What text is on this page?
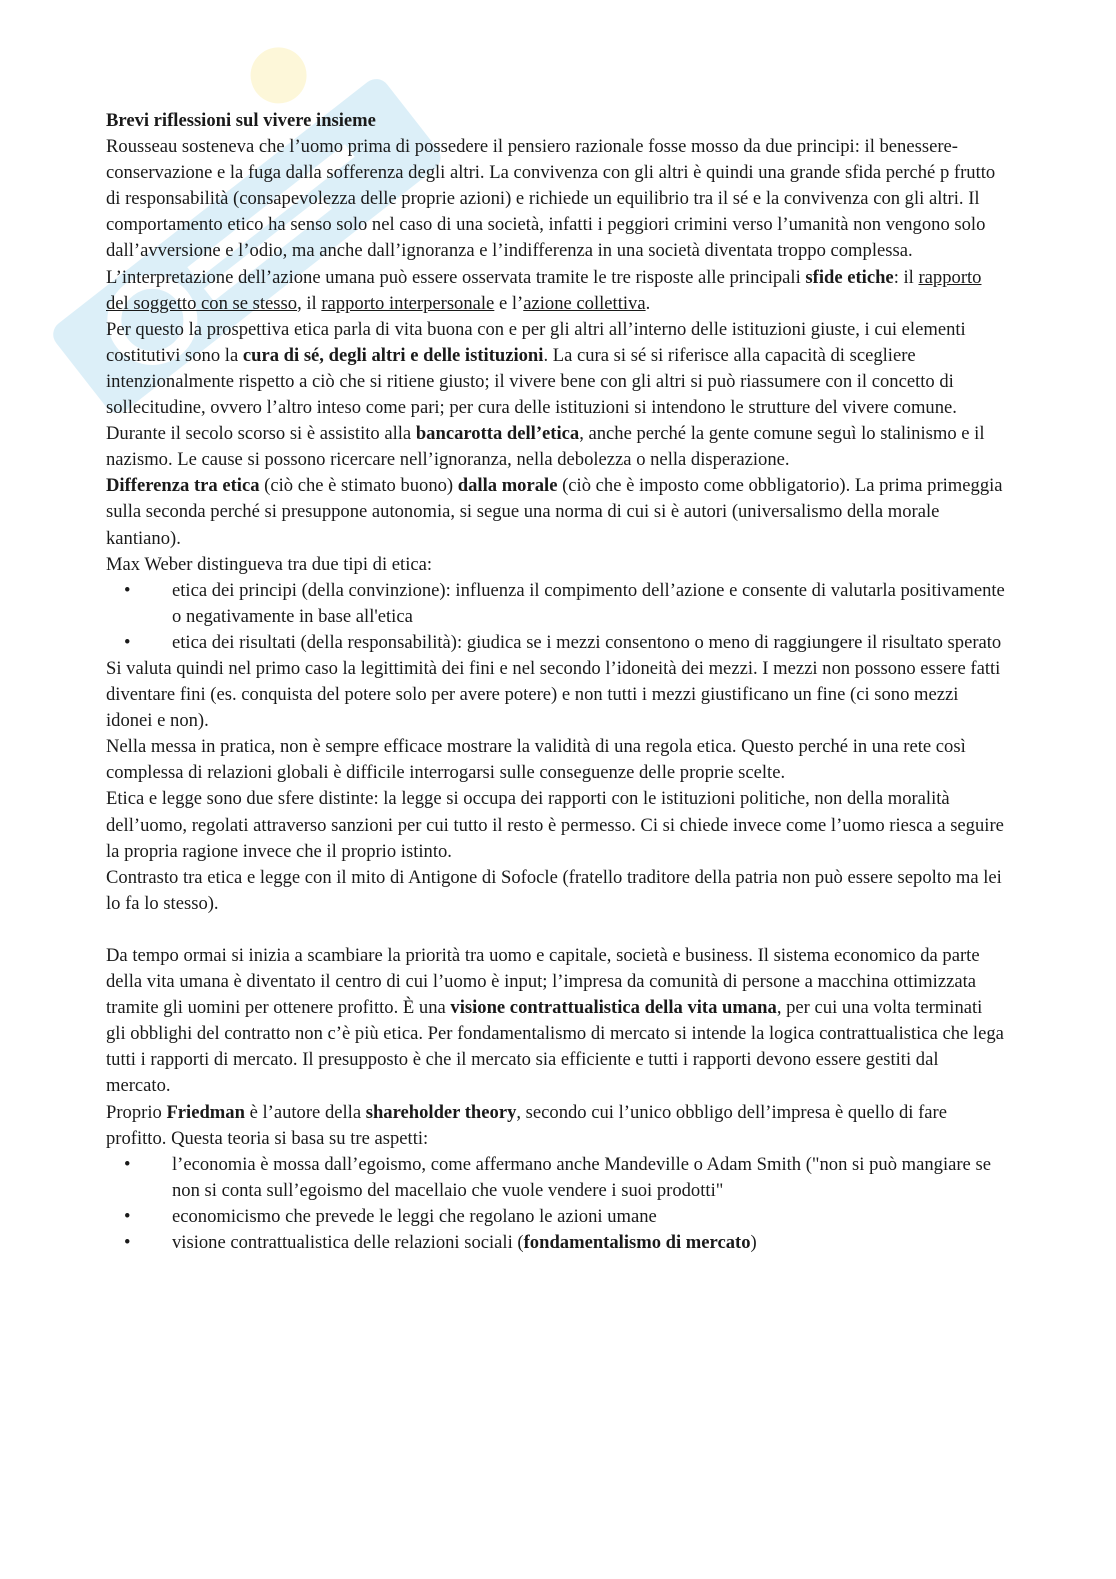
Brevi riflessioni sul vivere insieme

Rousseau sosteneva che l’uomo prima di possedere il pensiero razionale fosse mosso da due principi: il benessere-conservazione e la fuga dalla sofferenza degli altri. La convivenza con gli altri è quindi una grande sfida perché p frutto di responsabilità (consapevolezza delle proprie azioni) e richiede un equilibrio tra il sé e la convivenza con gli altri. Il comportamento etico ha senso solo nel caso di una società, infatti i peggiori crimini verso l’umanità non vengono solo dall’avversione e l’odio, ma anche dall’ignoranza e l’indifferenza in una società diventata troppo complessa.

L’interpretazione dell’azione umana può essere osservata tramite le tre risposte alle principali sfide etiche: il rapporto del soggetto con se stesso, il rapporto interpersonale e l’azione collettiva.

Per questo la prospettiva etica parla di vita buona con e per gli altri all’interno delle istituzioni giuste, i cui elementi costitutivi sono la cura di sé, degli altri e delle istituzioni. La cura si sé si riferisce alla capacità di scegliere intenzionalmente rispetto a ciò che si ritiene giusto; il vivere bene con gli altri si può riassumere con il concetto di sollecitudine, ovvero l’altro inteso come pari; per cura delle istituzioni si intendono le strutture del vivere comune.

Durante il secolo scorso si è assistito alla bancarotta dell’etica, anche perché la gente comune seguì lo stalinismo e il nazismo. Le cause si possono ricercare nell’ignoranza, nella debolezza o nella disperazione.

Differenza tra etica (ciò che è stimato buono) dalla morale (ciò che è imposto come obbligatorio). La prima primeggia sulla seconda perché si presuppone autonomia, si segue una norma di cui si è autori (universalismo della morale kantiano).

Max Weber distingueva tra due tipi di etica:

• etica dei principi (della convinzione): influenza il compimento dell’azione e consente di valutarla positivamente o negativamente in base all'etica
• etica dei risultati (della responsabilità): giudica se i mezzi consentono o meno di raggiungere il risultato sperato

Si valuta quindi nel primo caso la legittimità dei fini e nel secondo l’idoneità dei mezzi. I mezzi non possono essere fatti diventare fini (es. conquista del potere solo per avere potere) e non tutti i mezzi giustificano un fine (ci sono mezzi idonei e non).

Nella messa in pratica, non è sempre efficace mostrare la validità di una regola etica. Questo perché in una rete così complessa di relazioni globali è difficile interrogarsi sulle conseguenze delle proprie scelte.

Etica e legge sono due sfere distinte: la legge si occupa dei rapporti con le istituzioni politiche, non della moralità dell’uomo, regolati attraverso sanzioni per cui tutto il resto è permesso. Ci si chiede invece come l’uomo riesca a seguire la propria ragione invece che il proprio istinto.

Contrasto tra etica e legge con il mito di Antigone di Sofocle (fratello traditore della patria non può essere sepolto ma lei lo fa lo stesso).

Da tempo ormai si inizia a scambiare la priorità tra uomo e capitale, società e business. Il sistema economico da parte della vita umana è diventato il centro di cui l’uomo è input; l’impresa da comunità di persone a macchina ottimizzata tramite gli uomini per ottenere profitto. È una visione contrattualistica della vita umana, per cui una volta terminati gli obblighi del contratto non c’è più etica. Per fondamentalismo di mercato si intende la logica contrattualistica che lega tutti i rapporti di mercato. Il presupposto è che il mercato sia efficiente e tutti i rapporti devono essere gestiti dal mercato.

Proprio Friedman è l’autore della shareholder theory, secondo cui l’unico obbligo dell’impresa è quello di fare profitto. Questa teoria si basa su tre aspetti:

• l’economia è mossa dall’egoismo, come affermano anche Mandeville o Adam Smith ("non si può mangiare se non si conta sull’egoismo del macellaio che vuole vendere i suoi prodotti"
• economicismo che prevede le leggi che regolano le azioni umane
• visione contrattualistica delle relazioni sociali (fondamentalismo di mercato)
